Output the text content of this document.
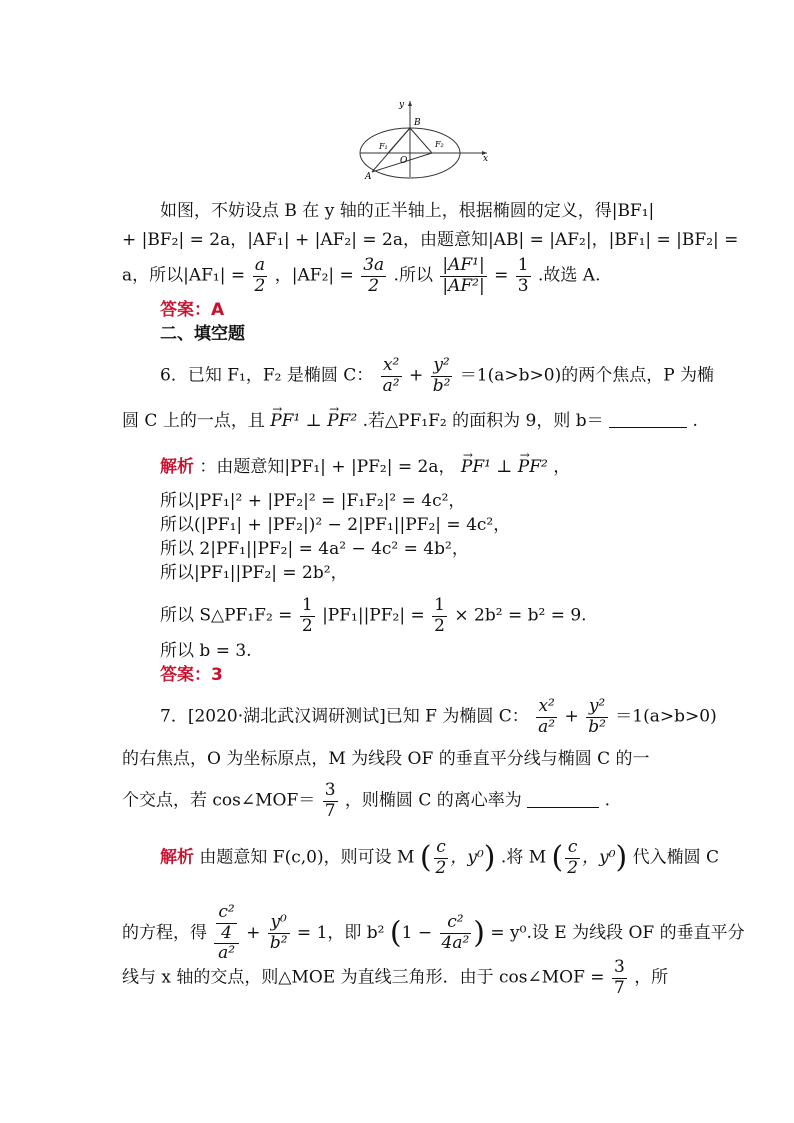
y
x
B
O
A
F₁	F₂
如图，不妨设点 B 在 y 轴的正半轴上，根据椭圆的定义，得|BF₁|
+ |BF₂| = 2a，|AF₁| + |AF₂| = 2a，由题意知|AB| = |AF₂|，|BF₁| = |BF₂| =
a，所以$|AF_1| = \frac{a}{2}$ ，$|AF_2| = \frac{3a}{2}$ .所以 $\frac{\text{|AF¹|}}{\text{|AF²|}} = \frac{1}{3}$ .故选 A.
答案：A
二、填空题
6．已知 F₁，F₂ 是椭圆 C： $\frac{\text{x²}}{\text{a²}} + \frac{\text{y²}}{\text{b²}} =1(a>b>0)$的两个焦点，P 为椭
圆 C 上的一点，且 → PF¹ ⊥ → PF² .若△PF₁F₂ 的面积为 9，则 b＝	.
解析 ：由题意知|PF₁| + |PF₂| = 2a， → PF¹ ⊥ → PF² ，
所以|PF₁|² + |PF₂|² = |F₁F₂|² = 4c²，
所以(|PF₁| + |PF₂|)² − 2|PF₁||PF₂| = 4c²，
所以 2|PF₁||PF₂| = 4a² − 4c² = 4b²，
所以|PF₁||PF₂| = 2b²，
所以 S△PF₁F₂ = $\frac{1}{2} |PF_1||PF_2| = \frac{1}{2} \times 2b^2 = b^2 = 9$.
所以 b = 3.
答案：3
7．[2020·湖北武汉调研测试]已知 F 为椭圆 C： $\frac{\text{x²}}{\text{a²}} + \frac{\text{y²}}{\text{b²}} =1(a>b>0)$
的右焦点，O 为坐标原点，M 为线段 OF 的垂直平分线与椭圆 C 的一
个交点，若 cos∠MOF＝ $\frac{3}{7}$ ，则椭圆 C 的离心率为	.
解析 由题意知 F(c,0)，则可设 M ( $\frac{c}{2}$ ，y⁰) .将 M ( $\frac{c}{2}$ ，y⁰) 代入椭圆 C
的方程，得 $\frac{\frac{\text{c²}}{4}}{\text{a²}} + \frac{\text{y⁰}}{\text{b²}} = 1$，即 b² ($1 - \frac{\text{c²}}{\text{4a²}}$ ) = y⁰.设 E 为线段 OF 的垂直平分
线与 x 轴的交点，则△MOE 为直线三角形．由于 cos∠MOF = $\frac{3}{7}$ ，所
